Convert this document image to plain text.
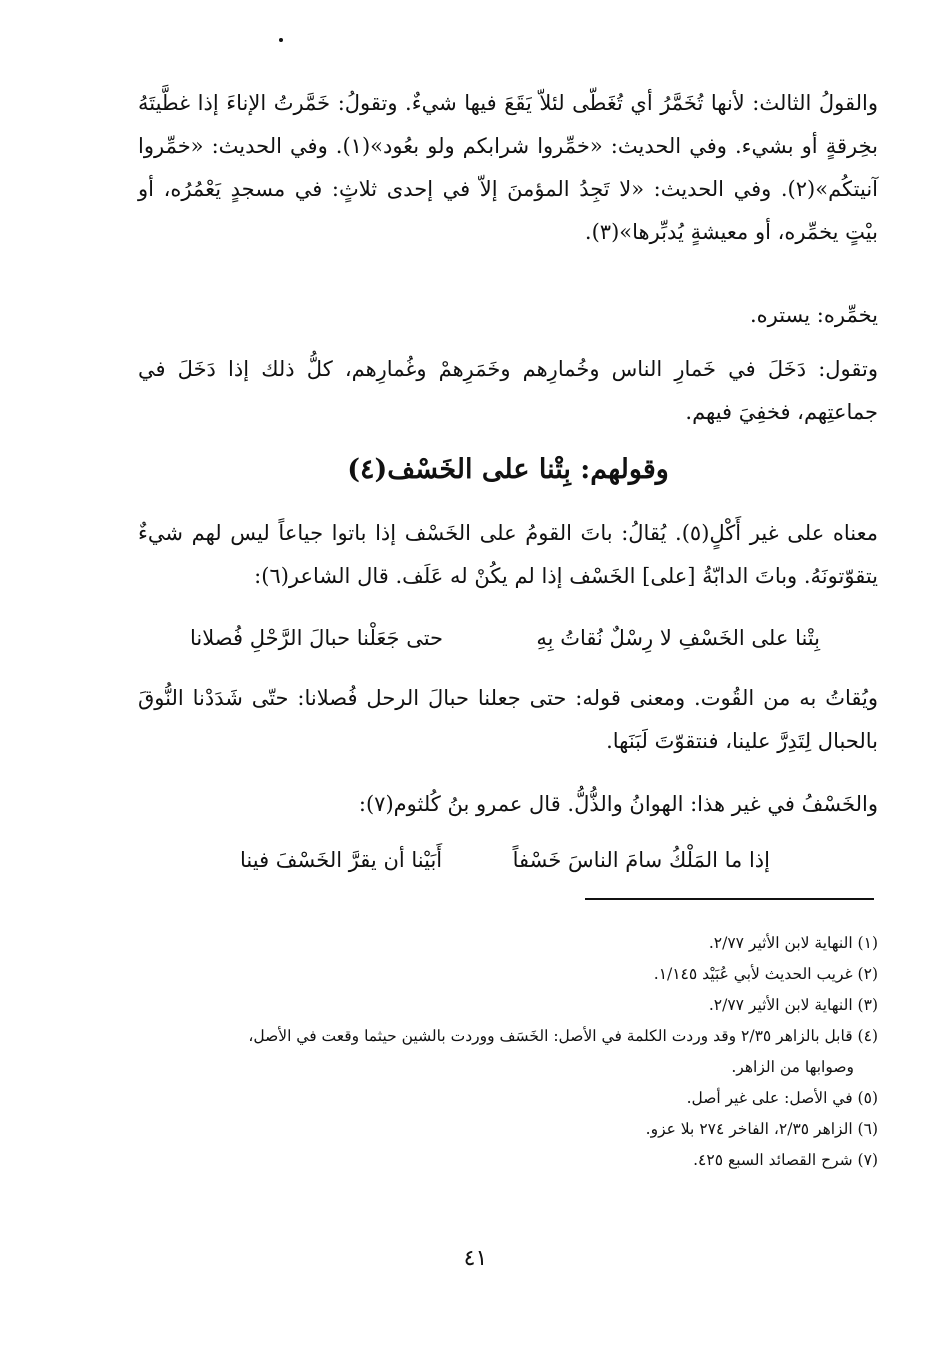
والقولُ الثالث: لأنها تُخَمَّرُ أي تُغَطّى لئلاّ يَقَعَ فيها شيءٌ. وتقولُ: خَمَّرتُ الإناءَ إذا غطَّيتَهُ بخِرقةٍ أو بشيء. وفي الحديث: «خمِّروا شرابكم ولو بعُود»(١). وفي الحديث: «خمِّروا آنيتكُم»(٢). وفي الحديث: «لا تَجِدُ المؤمنَ إلاّ في إحدى ثلاثٍ: في مسجدٍ يَعْمُرُه، أو بيْتٍ يخمِّره، أو معيشةٍ يُدبِّرها»(٣).

يخمِّره: يستره.

وتقول: دَخَلَ في خَمارِ الناس وخُمارِهم وخَمَرِهمْ وغُمارِهم، كلُّ ذلك إذا دَخَلَ في جماعتِهم، فخفِيَ فيهم.

وقولهم: بِتْنا على الخَسْف(٤)

معناه على غير أَكْلٍ(٥). يُقالُ: باتَ القومُ على الخَسْف إذا باتوا جياعاً ليس لهم شيءٌ يتقوّتونَهُ. وباتَ الدابّةُ [على] الخَسْف إذا لم يكُنْ له عَلَف. قال الشاعر(٦):

بِتْنا على الخَسْفِ لا رِسْلٌ نُقاتُ بِهِ
حتى جَعَلْنا حبالَ الرَّحْلِ فُصلانا

ويُقاتُ به من القُوت. ومعنى قوله: حتى جعلنا حبالَ الرحل فُصلانا: حتّى شَدَدْنا النُّوقَ بالحبال لِتَدِرَّ علينا، فنتقوّتَ لَبَنَها.

والخَسْفُ في غير هذا: الهوانُ والذُّلُّ. قال عمرو بنُ كُلثوم(٧):

إذا ما المَلْكُ سامَ الناسَ خَسْفاً
أَبَيْنا أن يقرَّ الخَسْفَ فينا
(١) النهاية لابن الأثير ٢/٧٧.
(٢) غريب الحديث لأبي عُبَيْد ١/١٤٥.
(٣) النهاية لابن الأثير ٢/٧٧.
(٤) قابل بالزاهر ٢/٣٥ وقد وردت الكلمة في الأصل: الخَسَف ووردت بالشين حيثما وقعت في الأصل،
وصوابها من الزاهر.
(٥) في الأصل: على غير أصل.
(٦) الزاهر ٢/٣٥، الفاخر ٢٧٤ بلا عزو.
(٧) شرح القصائد السبع ٤٢٥.
٤١
